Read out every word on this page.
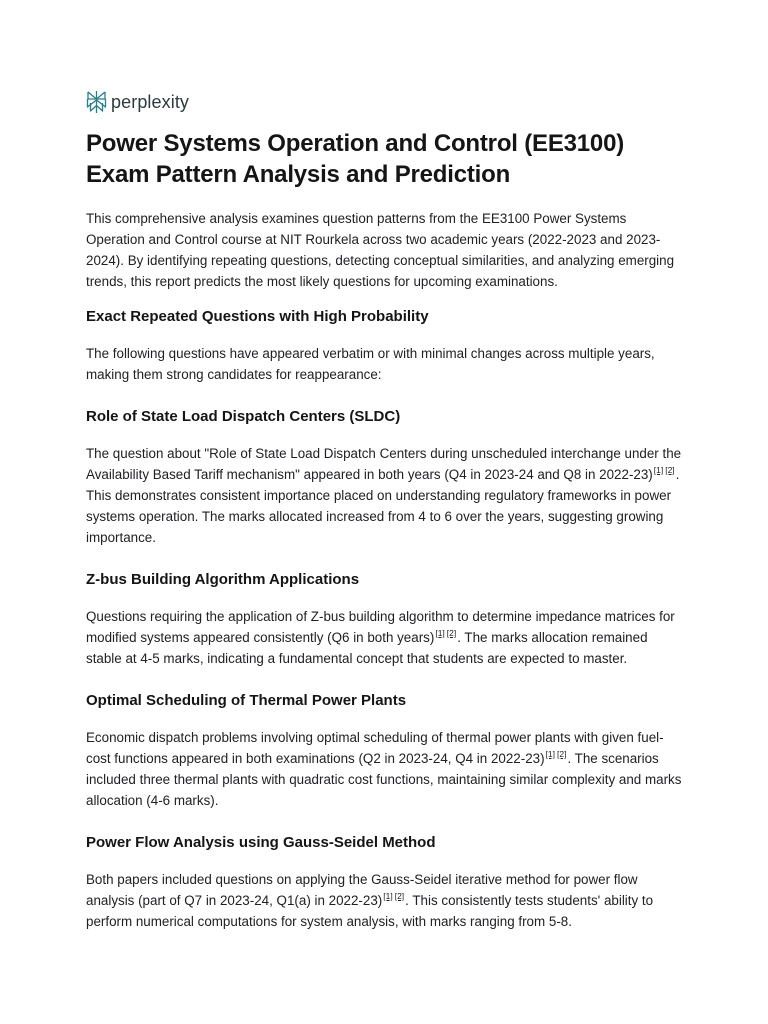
perplexity
Power Systems Operation and Control (EE3100) Exam Pattern Analysis and Prediction

This comprehensive analysis examines question patterns from the EE3100 Power Systems Operation and Control course at NIT Rourkela across two academic years (2022-2023 and 2023-2024). By identifying repeating questions, detecting conceptual similarities, and analyzing emerging trends, this report predicts the most likely questions for upcoming examinations.

Exact Repeated Questions with High Probability

The following questions have appeared verbatim or with minimal changes across multiple years, making them strong candidates for reappearance:

Role of State Load Dispatch Centers (SLDC)

The question about "Role of State Load Dispatch Centers during unscheduled interchange under the Availability Based Tariff mechanism" appeared in both years (Q4 in 2023-24 and Q8 in 2022-23)[1] [2]. This demonstrates consistent importance placed on understanding regulatory frameworks in power systems operation. The marks allocated increased from 4 to 6 over the years, suggesting growing importance.

Z-bus Building Algorithm Applications

Questions requiring the application of Z-bus building algorithm to determine impedance matrices for modified systems appeared consistently (Q6 in both years)[1] [2]. The marks allocation remained stable at 4-5 marks, indicating a fundamental concept that students are expected to master.

Optimal Scheduling of Thermal Power Plants

Economic dispatch problems involving optimal scheduling of thermal power plants with given fuel-cost functions appeared in both examinations (Q2 in 2023-24, Q4 in 2022-23)[1] [2]. The scenarios included three thermal plants with quadratic cost functions, maintaining similar complexity and marks allocation (4-6 marks).

Power Flow Analysis using Gauss-Seidel Method

Both papers included questions on applying the Gauss-Seidel iterative method for power flow analysis (part of Q7 in 2023-24, Q1(a) in 2022-23)[1] [2]. This consistently tests students' ability to perform numerical computations for system analysis, with marks ranging from 5-8.
